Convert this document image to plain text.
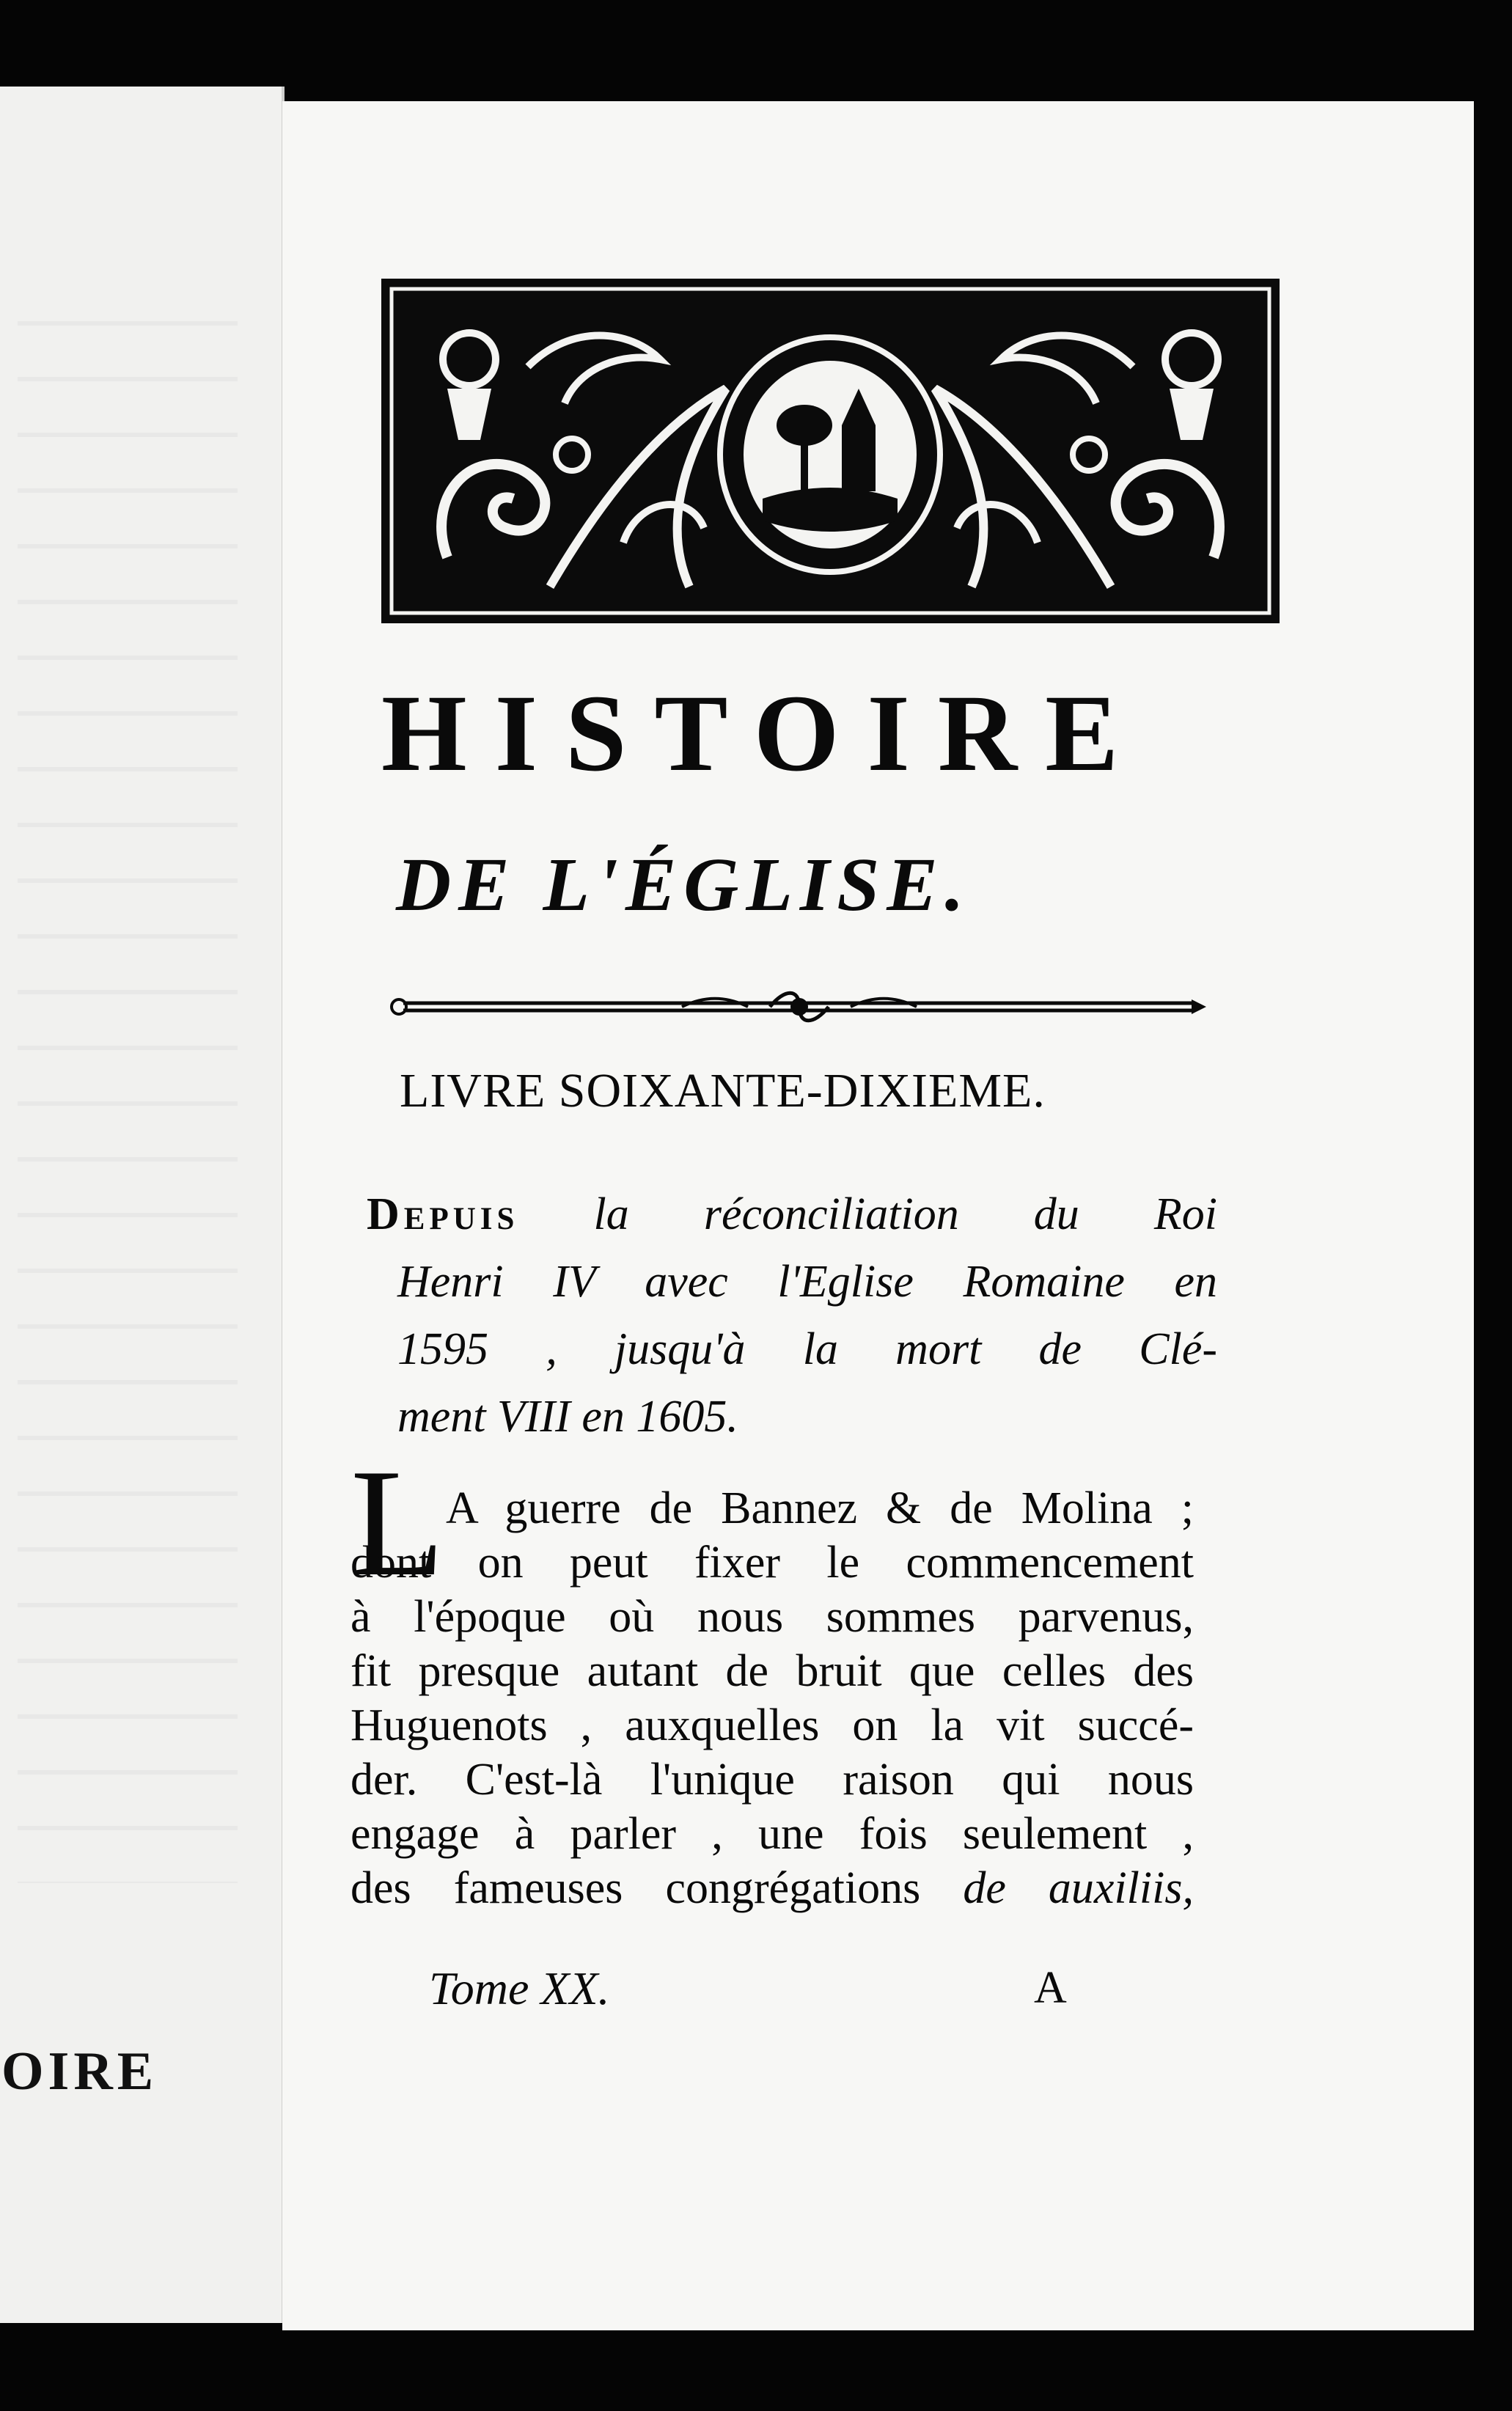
OIRE
HISTOIRE
DE L'ÉGLISE.
LIVRE SOIXANTE-DIXIEME.
Depuis la réconciliation du Roi
Henri IV avec l'Eglise Romaine en
1595 , jusqu'à la mort de Clé-
ment VIII en 1605.
L A guerre de Bannez & de Molina ;
dont on peut fixer le commencement
à l'époque où nous sommes parvenus,
fit presque autant de bruit que celles des
Huguenots , auxquelles on la vit succé-
der. C'est-là l'unique raison qui nous
engage à parler , une fois seulement ,
des fameuses congrégations de auxiliis,
Tome XX.	A
